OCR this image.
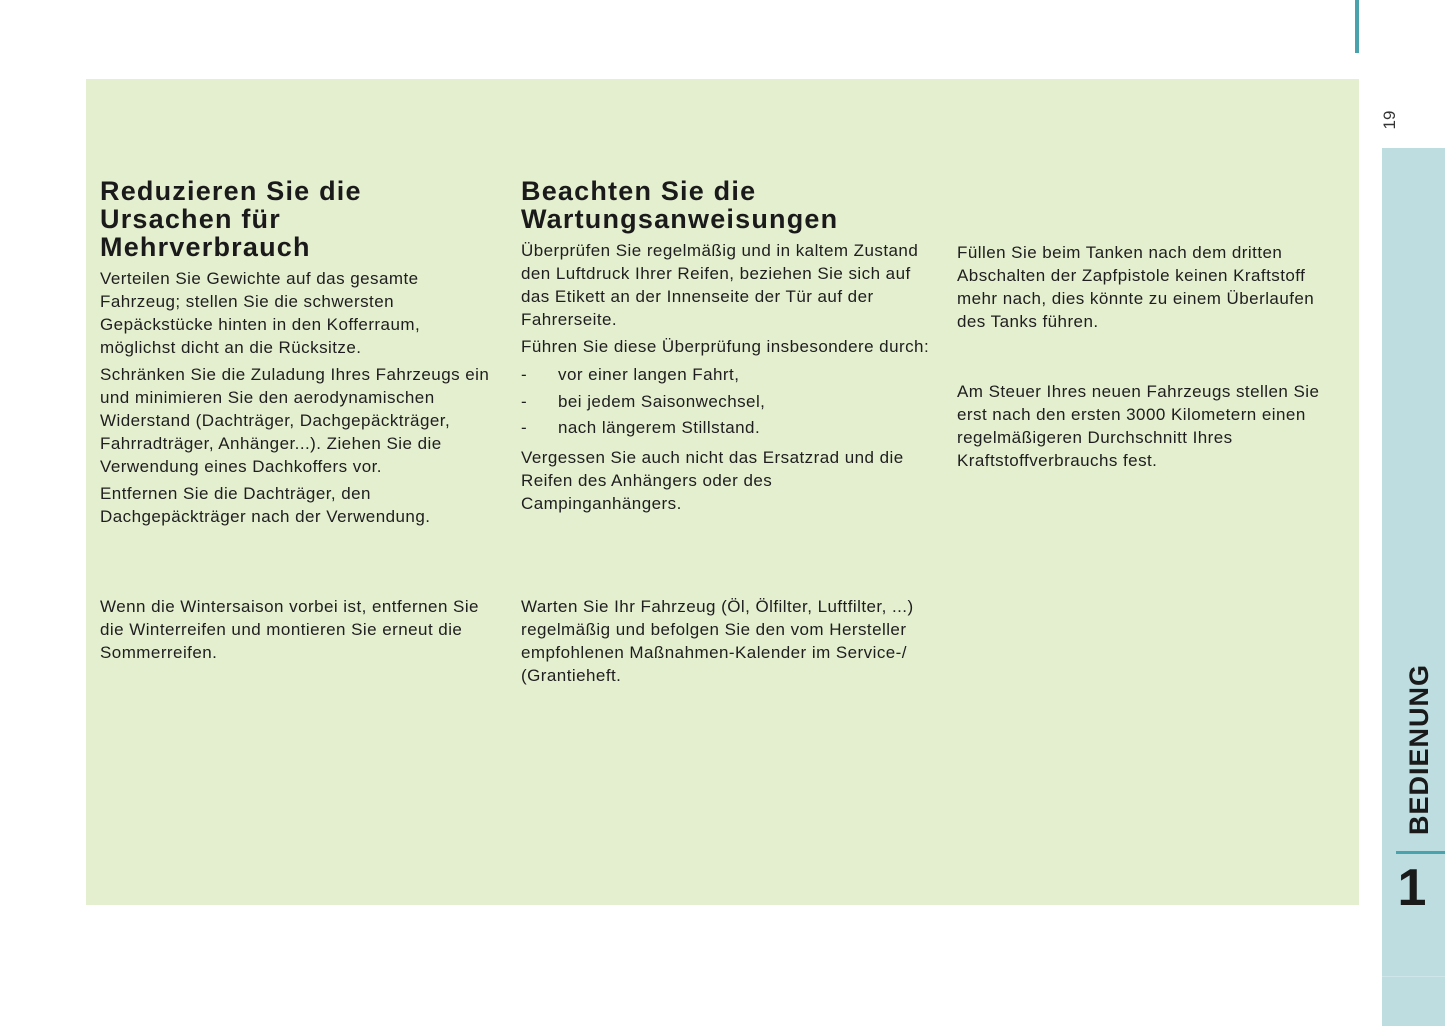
Reduzieren Sie die Ursachen für Mehrverbrauch

Verteilen Sie Gewichte auf das gesamte Fahrzeug; stellen Sie die schwersten Gepäckstücke hinten in den Kofferraum, möglichst dicht an die Rücksitze.

Schränken Sie die Zuladung Ihres Fahrzeugs ein und minimieren Sie den aerodynamischen Widerstand (Dachträger, Dachgepäckträger, Fahrradträger, Anhänger...). Ziehen Sie die Verwendung eines Dachkoffers vor.

Entfernen Sie die Dachträger, den Dachgepäckträger nach der Verwendung.

Wenn die Wintersaison vorbei ist, entfernen Sie die Winterreifen und montieren Sie erneut die Sommerreifen.

Beachten Sie die Wartungsanweisungen

Überprüfen Sie regelmäßig und in kaltem Zustand den Luftdruck Ihrer Reifen, beziehen Sie sich auf das Etikett an der Innenseite der Tür auf der Fahrerseite.

Führen Sie diese Überprüfung insbesondere durch:

- vor einer langen Fahrt,
- bei jedem Saisonwechsel,
- nach längerem Stillstand.

Vergessen Sie auch nicht das Ersatzrad und die Reifen des Anhängers oder des Campinganhängers.

Warten Sie Ihr Fahrzeug (Öl, Ölfilter, Luftfilter, ...) regelmäßig und befolgen Sie den vom Hersteller empfohlenen Maßnahmen-Kalender im Service-/ (Grantieheft.

Füllen Sie beim Tanken nach dem dritten Abschalten der Zapfpistole keinen Kraftstoff mehr nach, dies könnte zu einem Überlaufen des Tanks führen.

Am Steuer Ihres neuen Fahrzeugs stellen Sie erst nach den ersten 3000 Kilometern einen regelmäßigeren Durchschnitt Ihres Kraftstoffverbrauchs fest.

19
BEDIENUNG
1
